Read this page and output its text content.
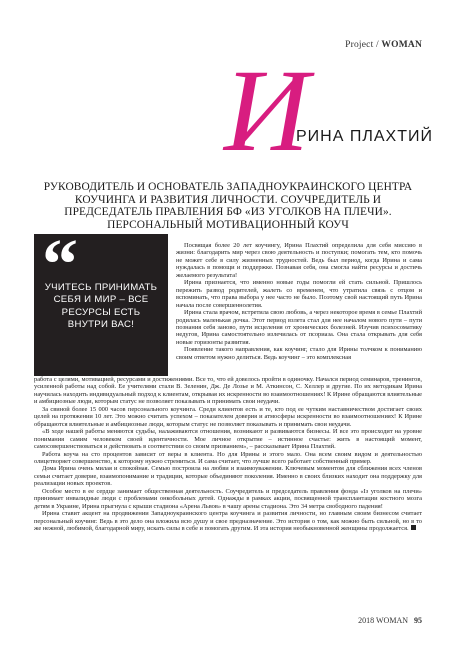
Project / WOMAN
И
РИНА ПЛАХТИЙ
РУКОВОДИТЕЛЬ И ОСНОВАТЕЛЬ ЗАПАДНОУКРАИНСКОГО ЦЕНТРА КОУЧИНГА И РАЗВИТИЯ ЛИЧНОСТИ. СОУЧРЕДИТЕЛЬ И ПРЕДСЕДАТЕЛЬ ПРАВЛЕНИЯ БФ «ИЗ УГОЛКОВ НА ПЛЕЧИ». ПЕРСОНАЛЬНЫЙ МОТИВАЦИОННЫЙ КОУЧ
“
УЧИТЕСЬ ПРИНИМАТЬ СЕБЯ И МИР – ВСЕ РЕСУРСЫ ЕСТЬ ВНУТРИ ВАС!
„

Посвящая более 20 лет коучингу, Ирина Плахтий определила для себя миссию в жизни: благодарить мир через свою деятельность и поступки; помогать тем, кто помочь не может себе в силу жизненных трудностей. Ведь был период, когда Ирина и сама нуждалась в помощи и поддержке. Познавая себя, она смогла найти ресурсы и достичь желаемого результата!

Ирина признается, что именно новые годы помогли ей стать сильной. Пришлось пережить развод родителей, жалеть со временем, что утратила связь с отцом и вспоминать, что права выбора у нее часто не было. Поэтому свой настоящий путь Ирина начала после совершеннолетия.

Ирина стала врачом, встретила свою любовь, а через некоторое время в семье Плахтий родилась маленькая дочка. Этот период взлета стал для нее началом нового пути – пути познания себя заново, пути исцеления от хронических болезней. Изучив психосоматику недугов, Ирина самостоятельно излечилась от псориаза. Она стала открывать для себя новые горизонты развития.

Появление такого направления, как коучинг, стало для Ирины толчком к пониманию своим ответом нужно делиться. Ведь коучинг – это комплексная

работа с целями, мотивацией, ресурсами и достижениями. Все то, что ей довелось пройти в одиночку. Начался период семинаров, тренингов, усиленной работы над собой. Ее учителями стали В. Зеленин, Дж. Де Лозье и М. Аткинсон, С. Хеллер и другие. По их методикам Ирина научилась находить индивидуальный подход к клиентам, открывая их искренности во взаимоотношениях! К Ирине обращаются влиятельные и амбициозные люди, которым статус не позволяет показывать и принимать свои неудачи.

За свиной более 15 000 часов персонального коучинга. Среди клиентов есть и те, кто под ее чутким наставничеством достигает своих целей на протяжении 10 лет. Это можно считать успехом – показателем доверия и атмосферы искренности во взаимоотношениях! К Ирине обращаются влиятельные и амбициозные люди, которым статус не позволяет показывать и принимать свои неудачи.

«В ходе нашей работы меняются судьбы, налаживаются отношения, возникают и развиваются бизнесы. И все это происходит на уровне понимания самим человеком своей идентичности. Мое личное открытие – истинное счастье: жить в настоящий момент, самосовершенствоваться и действовать в соответствии со своим призванием», – рассказывает Ирина Плахтий.

Работа коуча на сто процентов зависит от веры в клиента. Но для Ирины и этого мало. Она всем своим видом и деятельностью олицетворяет совершенство, к которому нужно стремиться. И сама считает, что лучше всего работает собственный пример.

Дома Ирина очень милая и спокойная. Семью построила на любви и взаимоуважении. Ключевым моментом для сближения всех членов семьи считает доверие, взаимопонимание и традиции, которые объединяют поколения. Именно в своих близких находит она поддержку для реализации новых проектов.

Особое место в ее сердце занимает общественная деятельность. Соучредитель и председатель правления фонда «Із уголков на плечи» принимает инвалидные люди с проблемами онкобольных детей. Однажды в рамках акции, посвященной трансплантации костного мозга детям в Украине, Ирина прыгнула с крыши стадиона «Арена Львов» в чашу арены стадиона. Это 34 метра свободного падения!

Ирина ставит акцент на продвижении Западноукраинского центра коучинга и развития личности, но главным своим бизнесом считает персональный коучинг. Ведь в это дело она вложила всю душу и свое предназначение. Это история о том, как можно быть сильной, но в то же нежной, любимой, благодарной миру, искать силы в себе и помогать другим. И эта история необыкновенной женщины продолжается.

2018 WOMAN 95
